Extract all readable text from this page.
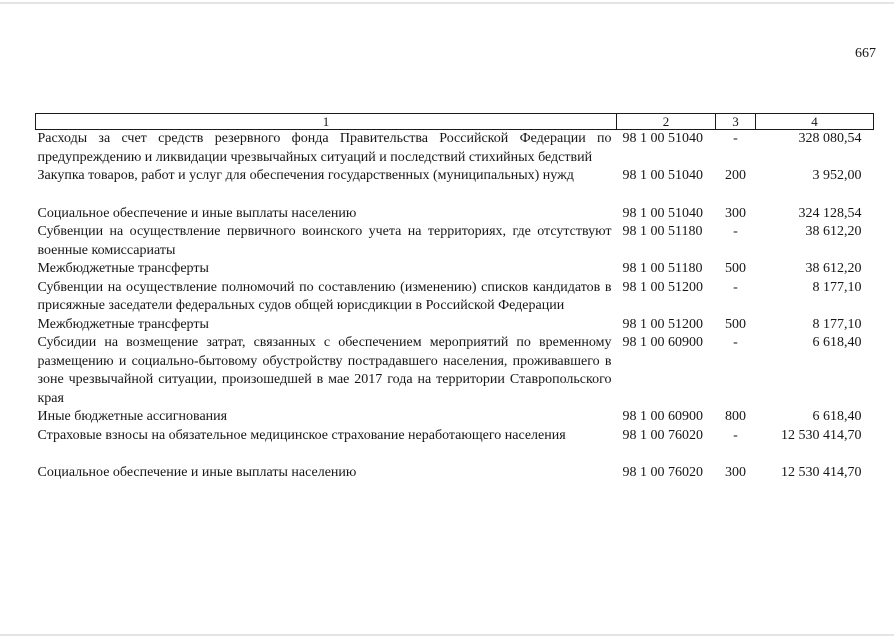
667
1	2	3	4
Расходы за счет средств резервного фонда Правительства Российской Федерации по предупреждению и ликвидации чрезвычайных ситуаций и последствий стихийных бедствий	98 1 00 51040	-	328 080,54
Закупка товаров, работ и услуг для обеспечения государственных (муниципальных) нужд	98 1 00 51040	200	3 952,00
Социальное обеспечение и иные выплаты населению	98 1 00 51040	300	324 128,54
Субвенции на осуществление первичного воинского учета на территориях, где отсутствуют военные комиссариаты	98 1 00 51180	-	38 612,20
Межбюджетные трансферты	98 1 00 51180	500	38 612,20
Субвенции на осуществление полномочий по составлению (изменению) списков кандидатов в присяжные заседатели федеральных судов общей юрисдикции в Российской Федерации	98 1 00 51200	-	8 177,10
Межбюджетные трансферты	98 1 00 51200	500	8 177,10
Субсидии на возмещение затрат, связанных с обеспечением мероприятий по временному размещению и социально-бытовому обустройству пострадавшего населения, проживавшего в зоне чрезвычайной ситуации, произошедшей в мае 2017 года на территории Ставропольского края	98 1 00 60900	-	6 618,40
Иные бюджетные ассигнования	98 1 00 60900	800	6 618,40
Страховые взносы на обязательное медицинское страхование неработающего населения	98 1 00 76020	-	12 530 414,70
Социальное обеспечение и иные выплаты населению	98 1 00 76020	300	12 530 414,70
